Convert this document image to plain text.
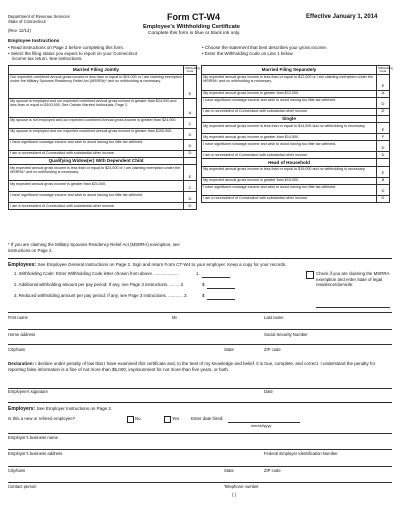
Department of Revenue Services
State of Connecticut
(Rev. 12/13)
Form CT-W4	Effective January 1, 2014
Employee's Withholding Certificate
Complete this form in blue or black ink only.
Employee Instructions
• Read instructions on Page 2 before completing this form.
• Select the filing status you expect to report on your Connecticut
income tax return. See instructions.
• Choose the statement that best describes your gross income.
• Enter the Withholding Code on Line 1 below.
Married Filing Jointly	Withholding Code
Our expected combined annual gross income is less than or equal to $24,000 or I am claiming exemption under the Military Spouses Residency Relief Act (MSRRA)* and no withholding is necessary.	E
My spouse is employed and our expected combined annual gross income is greater than $24,000 and less than or equal to $100,500. See Certain Married Individuals, Page 2.	A
My spouse is not employed and our expected combined annual gross income is greater than $24,000.	C
My spouse is employed and our expected combined annual gross income is greater than $100,500.	D
I have significant nonwage income and wish to avoid having too little tax withheld.	D
I am a nonresident of Connecticut with substantial other income.	D
Qualifying Widow(er) With Dependent Child	
My expected annual gross income is less than or equal to $24,000 or I am claiming exemption under the MSRRA* and no withholding is necessary.	E
My expected annual gross income is greater than $24,000.	C
I have significant nonwage income and wish to avoid having too little tax withheld.	D
I am a nonresident of Connecticut with substantial other income.	D
Married Filing Separately	Withholding Code
My expected annual gross income is less than or equal to $12,000 or I am claiming exemption under the MSRRA* and no withholding is necessary.	E
My expected annual gross income is greater than $12,000.	A
I have significant nonwage income and wish to avoid having too little tax withheld.	D
I am a nonresident of Connecticut with substantial other income.	D
Single	
My expected annual gross income is less than or equal to $14,500 and no withholding is necessary.	E
My expected annual gross income is greater than $14,500.	F
I have significant nonwage income and wish to avoid having too little tax withheld.	D
I am a nonresident of Connecticut with substantial other income.	D
Head of Household	
My expected annual gross income is less than or equal to $19,000 and no withholding is necessary.	E
My expected annual gross income is greater than $19,000.	B
I have significant nonwage income and wish to avoid having too little tax withheld.	D
I am a nonresident of Connecticut with substantial other income.	D
* If you are claiming the Military Spouses Residency Relief Act (MSRRA) exemption, see instructions on Page 2.
Employees: See Employee General Instructions on Page 2. Sign and return Form CT-W4 to your employer. Keep a copy for your records.
1. Withholding Code: Enter Withholding Code letter chosen from above. ....................	1.
2. Additional withholding amount per pay period: If any, see Page 3 instructions. ........ 2.	$
3. Reduced withholding amount per pay period: If any, see Page 3 instructions. ............ 3.	$
Check if you are claiming the MSRRA exemption and enter state of legal residence/domicile:
First name	MI	Last name
Home address	Social Security Number
City/town	State	ZIP code
Declaration: I declare under penalty of law that I have examined this certificate and, to the best of my knowledge and belief, it is true, complete, and correct. I understand the penalty for reporting false information is a fine of not more than $5,000, imprisonment for not more than five years, or both.
Employee's signature	Date
Employers: See Employer Instructions on Page 2.
Is this a new or rehired employee?	No	Yes	Enter date hired:
mm/dd/yyyy
Employer's business name
Employer's business address	Federal Employer Identification Number
City/town	State	ZIP code
Contact person	Telephone number
( )
